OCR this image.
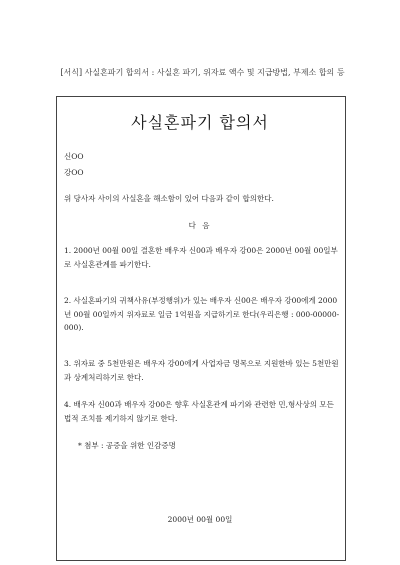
[서식] 사실혼파기 합의서 : 사실혼 파기, 위자료 액수 및 지급방법, 부제소 합의 등
사실혼파기 합의서
신OO
강OO
위 당사자 사이의 사실혼을 해소함이 있어 다음과 같이 합의한다.
다 음
1. 2000년 00월 00일 결혼한 배우자 신00과 배우자 강00은 2000년 00월 00일부로 사실혼관계를 파기한다.
2. 사실혼파기의 귀책사유(부정행위)가 있는 배우자 신00은 배우자 강00에게 2000년 00월 00일까지 위자료로 일금 1억원을 지급하기로 한다(우리은행 : 000-00000-000).
3. 위자료 중 5천만원은 배우자 강00에게 사업자금 명목으로 지원한바 있는 5천만원과 상계처리하기로 한다.
4. 배우자 신00과 배우자 강00은 향후 사실혼관계 파기와 관련한 민,형사상의 모든 법적 조치를 제기하지 않기로 한다.
* 첨부 : 공증을 위한 인감증명
2000년 00월 00일
